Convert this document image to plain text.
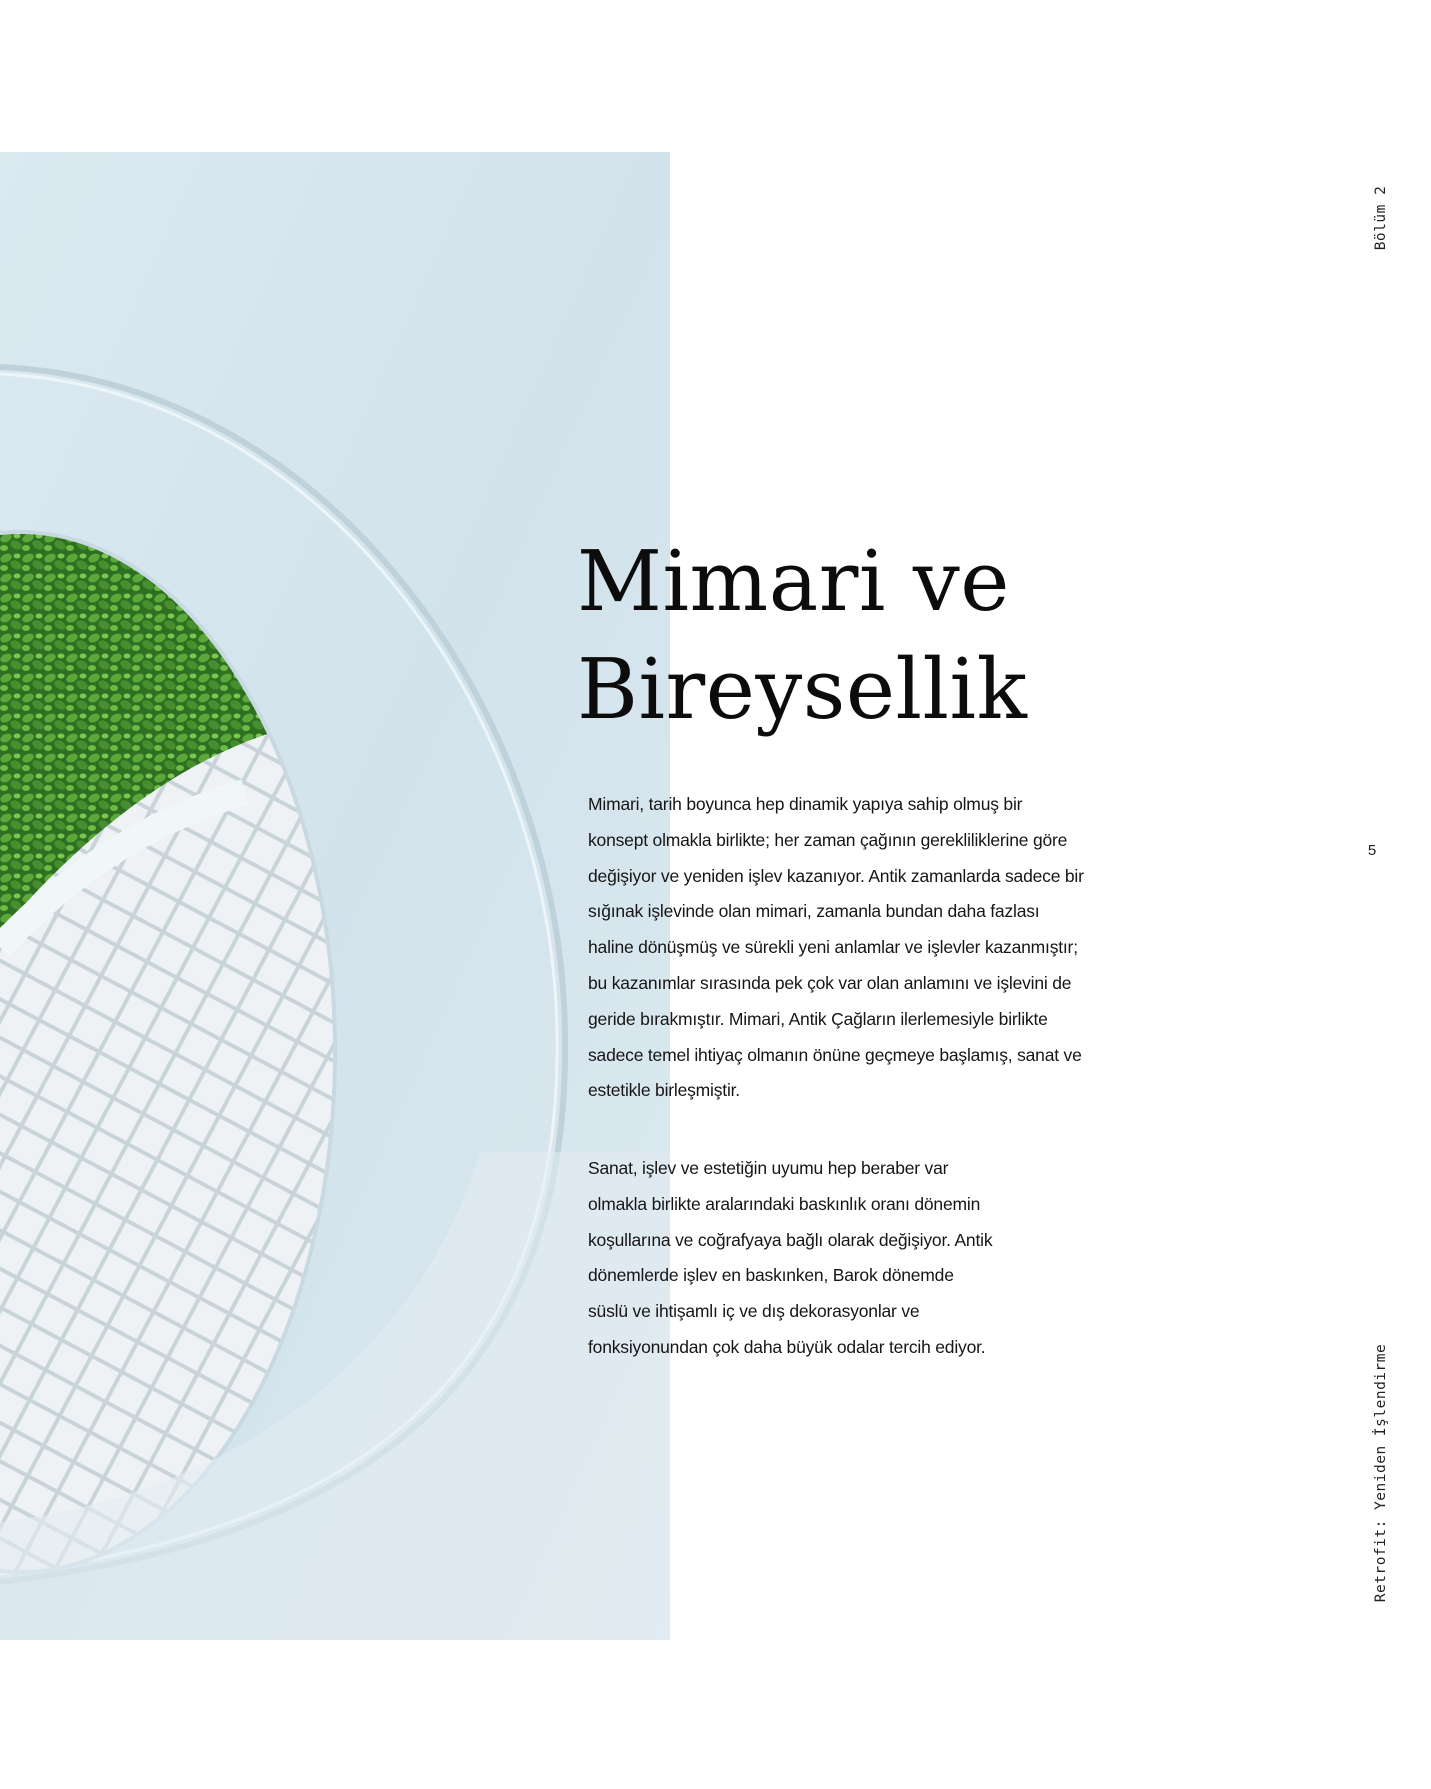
Mimari ve
Bireysellik

Mimari, tarih boyunca hep dinamik yapıya sahip olmuş bir
konsept olmakla birlikte; her zaman çağının gerekliliklerine göre
değişiyor ve yeniden işlev kazanıyor. Antik zamanlarda sadece bir
sığınak işlevinde olan mimari, zamanla bundan daha fazlası
haline dönüşmüş ve sürekli yeni anlamlar ve işlevler kazanmıştır;
bu kazanımlar sırasında pek çok var olan anlamını ve işlevini de
geride bırakmıştır. Mimari, Antik Çağların ilerlemesiyle birlikte
sadece temel ihtiyaç olmanın önüne geçmeye başlamış, sanat ve
estetikle birleşmiştir.

Sanat, işlev ve estetiğin uyumu hep beraber var
olmakla birlikte aralarındaki baskınlık oranı dönemin
koşullarına ve coğrafyaya bağlı olarak değişiyor. Antik
dönemlerde işlev en baskınken, Barok dönemde
süslü ve ihtişamlı iç ve dış dekorasyonlar ve
fonksiyonundan çok daha büyük odalar tercih ediyor.

Bölüm 2
5
Retrofit: Yeniden İşlendirme
